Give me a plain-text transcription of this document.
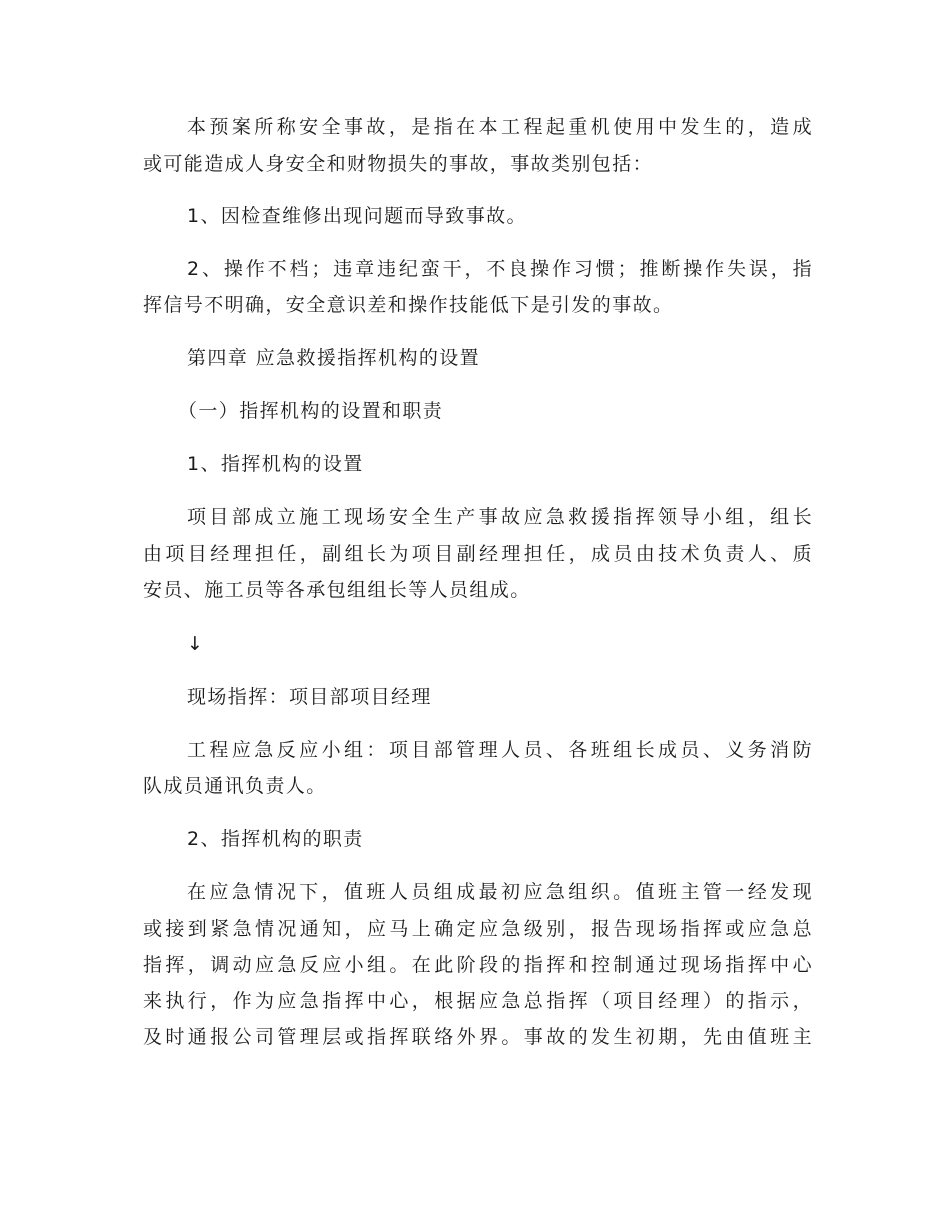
本预案所称安全事故，是指在本工程起重机使用中发生的，造成
或可能造成人身安全和财物损失的事故，事故类别包括：
1、因检查维修出现问题而导致事故。
2、操作不档；违章违纪蛮干，不良操作习惯；推断操作失误，指
挥信号不明确，安全意识差和操作技能低下是引发的事故。
第四章 应急救援指挥机构的设置
（一）指挥机构的设置和职责
1、指挥机构的设置
项目部成立施工现场安全生产事故应急救援指挥领导小组，组长
由项目经理担任，副组长为项目副经理担任，成员由技术负责人、质
安员、施工员等各承包组组长等人员组成。
↓
现场指挥：项目部项目经理
工程应急反应小组：项目部管理人员、各班组长成员、义务消防
队成员通讯负责人。
2、指挥机构的职责
在应急情况下，值班人员组成最初应急组织。值班主管一经发现
或接到紧急情况通知，应马上确定应急级别，报告现场指挥或应急总
指挥，调动应急反应小组。在此阶段的指挥和控制通过现场指挥中心
来执行，作为应急指挥中心，根据应急总指挥（项目经理）的指示，
及时通报公司管理层或指挥联络外界。事故的发生初期，先由值班主
